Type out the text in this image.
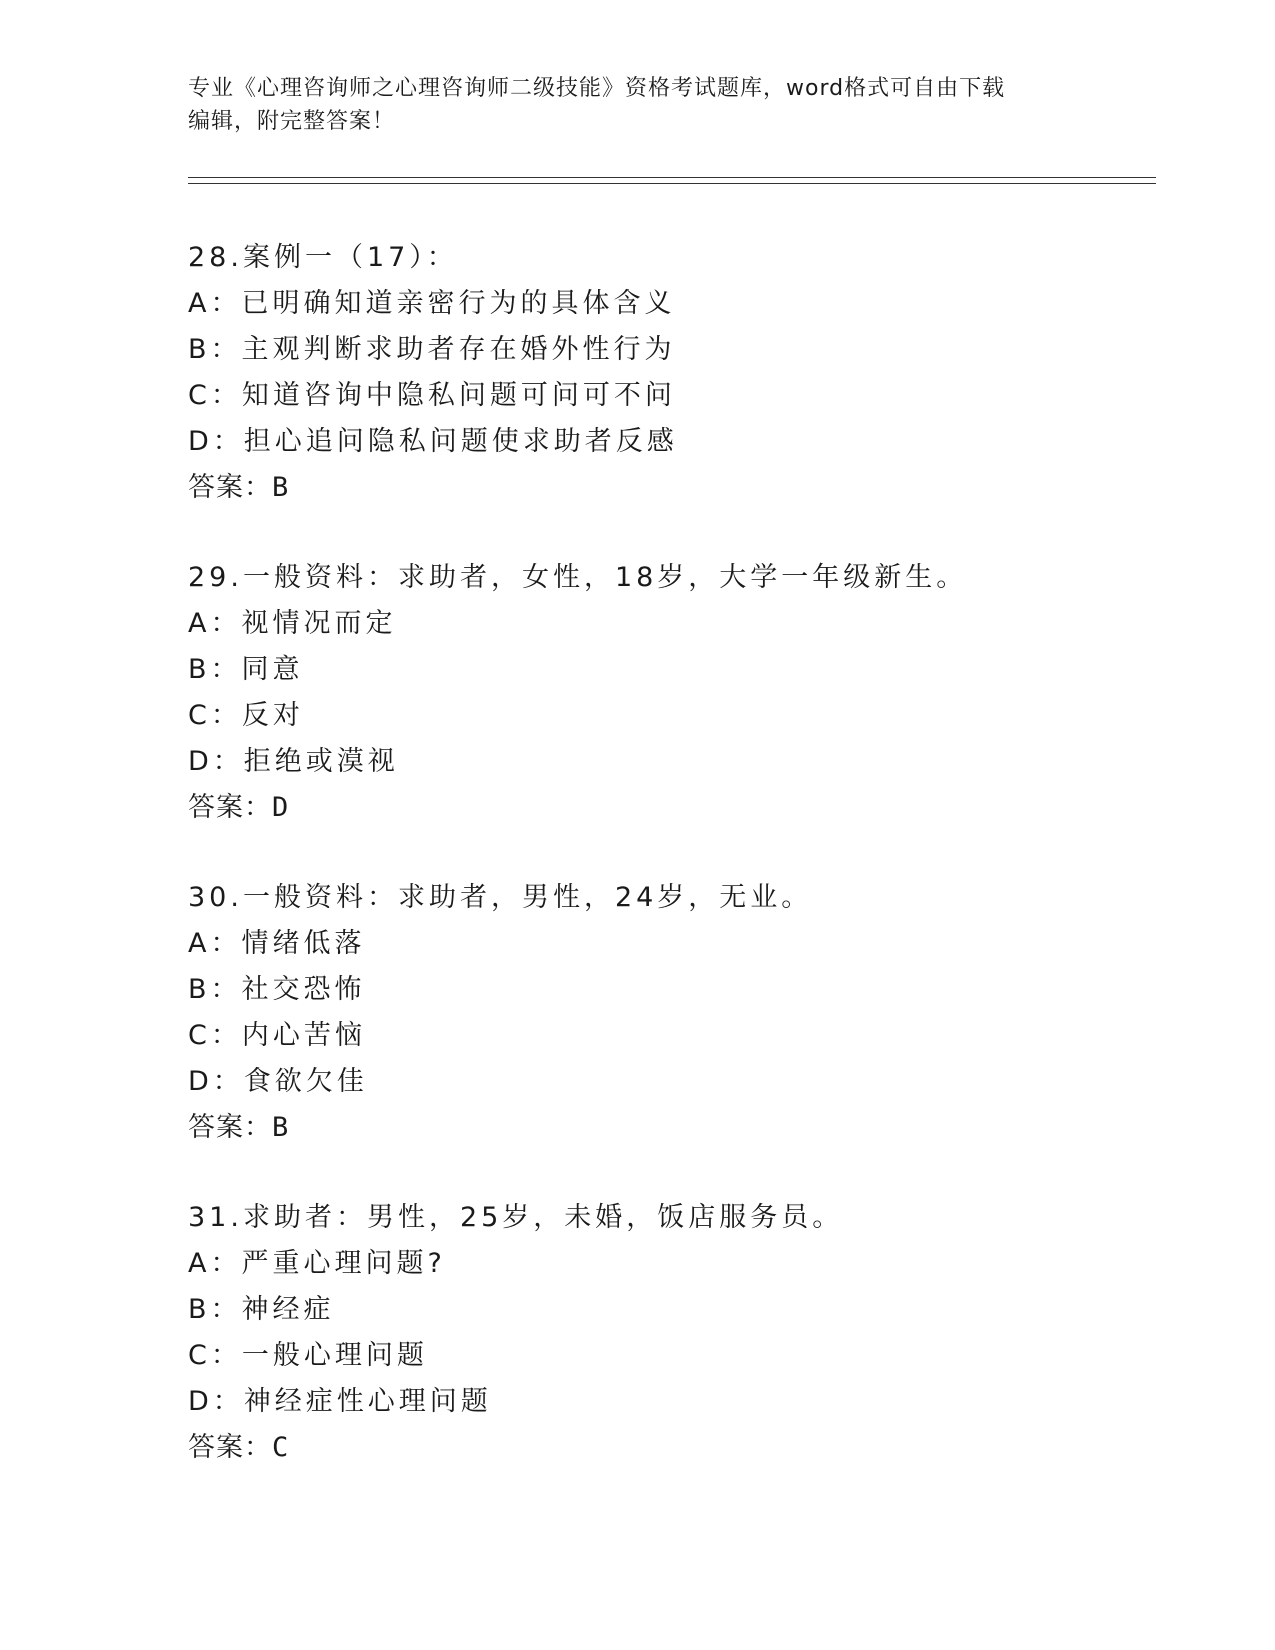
专业《心理咨询师之心理咨询师二级技能》资格考试题库，word格式可自由下载
编辑，附完整答案！
28.案例一（17）：
A：已明确知道亲密行为的具体含义
B：主观判断求助者存在婚外性行为
C：知道咨询中隐私问题可问可不问
D：担心追问隐私问题使求助者反感
答案：B
29.一般资料：求助者，女性，18岁，大学一年级新生。
A：视情况而定
B：同意
C：反对
D：拒绝或漠视
答案：D
30.一般资料：求助者，男性，24岁，无业。
A：情绪低落
B：社交恐怖
C：内心苦恼
D：食欲欠佳
答案：B
31.求助者：男性，25岁，未婚，饭店服务员。
A：严重心理问题?
B：神经症
C：一般心理问题
D：神经症性心理问题
答案：C
